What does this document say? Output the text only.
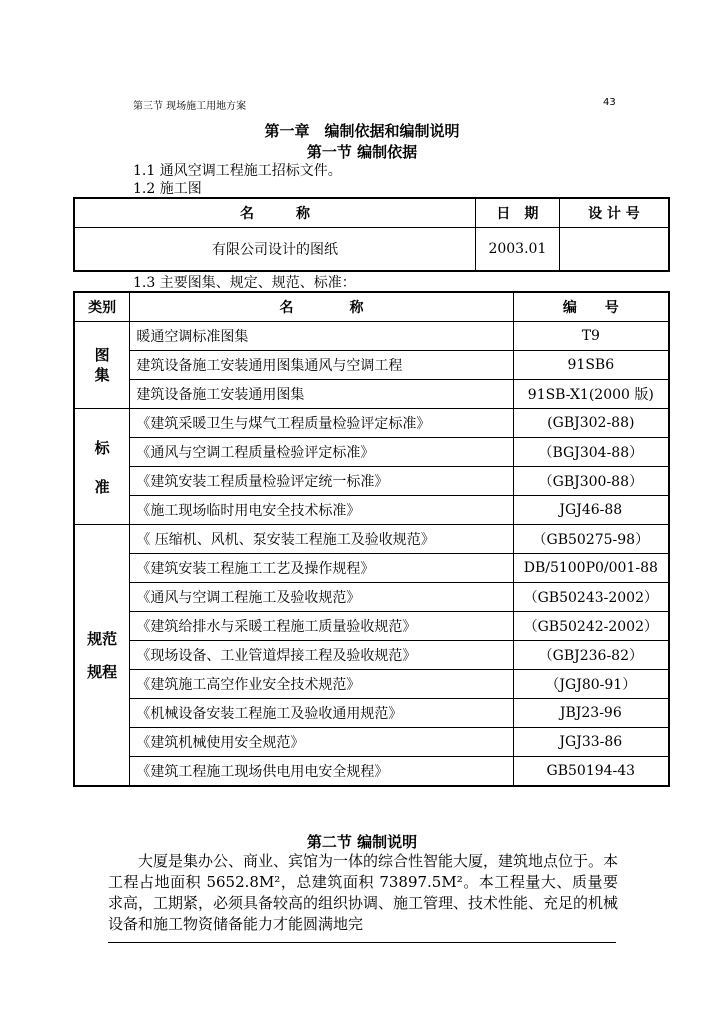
第三节 现场施工用地方案	43
第一章　编制依据和编制说明
第一节 编制依据
1.1 通风空调工程施工招标文件。
1.2 施工图
名　　　称	日　期	设 计 号
有限公司设计的图纸	2003.01	
1.3 主要图集、规定、规范、标准：
类别	名　　　　称	编　　号

图集	暖通空调标准图集	T9
	建筑设备施工安装通用图集通风与空调工程	91SB6
	建筑设备施工安装通用图集	91SB-X1(2000 版)

标
准	《建筑采暖卫生与煤气工程质量检验评定标准》	(GBJ302-88)
	《通风与空调工程质量检验评定标准》	（BGJ304-88）
	《建筑安装工程质量检验评定统一标准》	（GBJ300-88）
	《施工现场临时用电安全技术标准》	JGJ46-88

规范
规程	《 压缩机、风机、泵安装工程施工及验收规范》	（GB50275-98）
	《建筑安装工程施工工艺及操作规程》	DB/5100P0/001-88
	《通风与空调工程施工及验收规范》	（GB50243-2002）
	《建筑给排水与采暖工程施工质量验收规范》	（GB50242-2002）
	《现场设备、工业管道焊接工程及验收规范》	（GBJ236-82）
	《建筑施工高空作业安全技术规范》	（JGJ80-91）
	《机械设备安装工程施工及验收通用规范》	JBJ23-96
	《建筑机械使用安全规范》	JGJ33-86
	《建筑工程施工现场供电用电安全规程》	GB50194-43
第二节 编制说明
　　大厦是集办公、商业、宾馆为一体的综合性智能大厦，建筑地点位于。本工程占地面积 5652.8M²，总建筑面积 73897.5M²。本工程量大、质量要求高，工期紧，必须具备较高的组织协调、施工管理、技术性能、充足的机械设备和施工物资储备能力才能圆满地完
